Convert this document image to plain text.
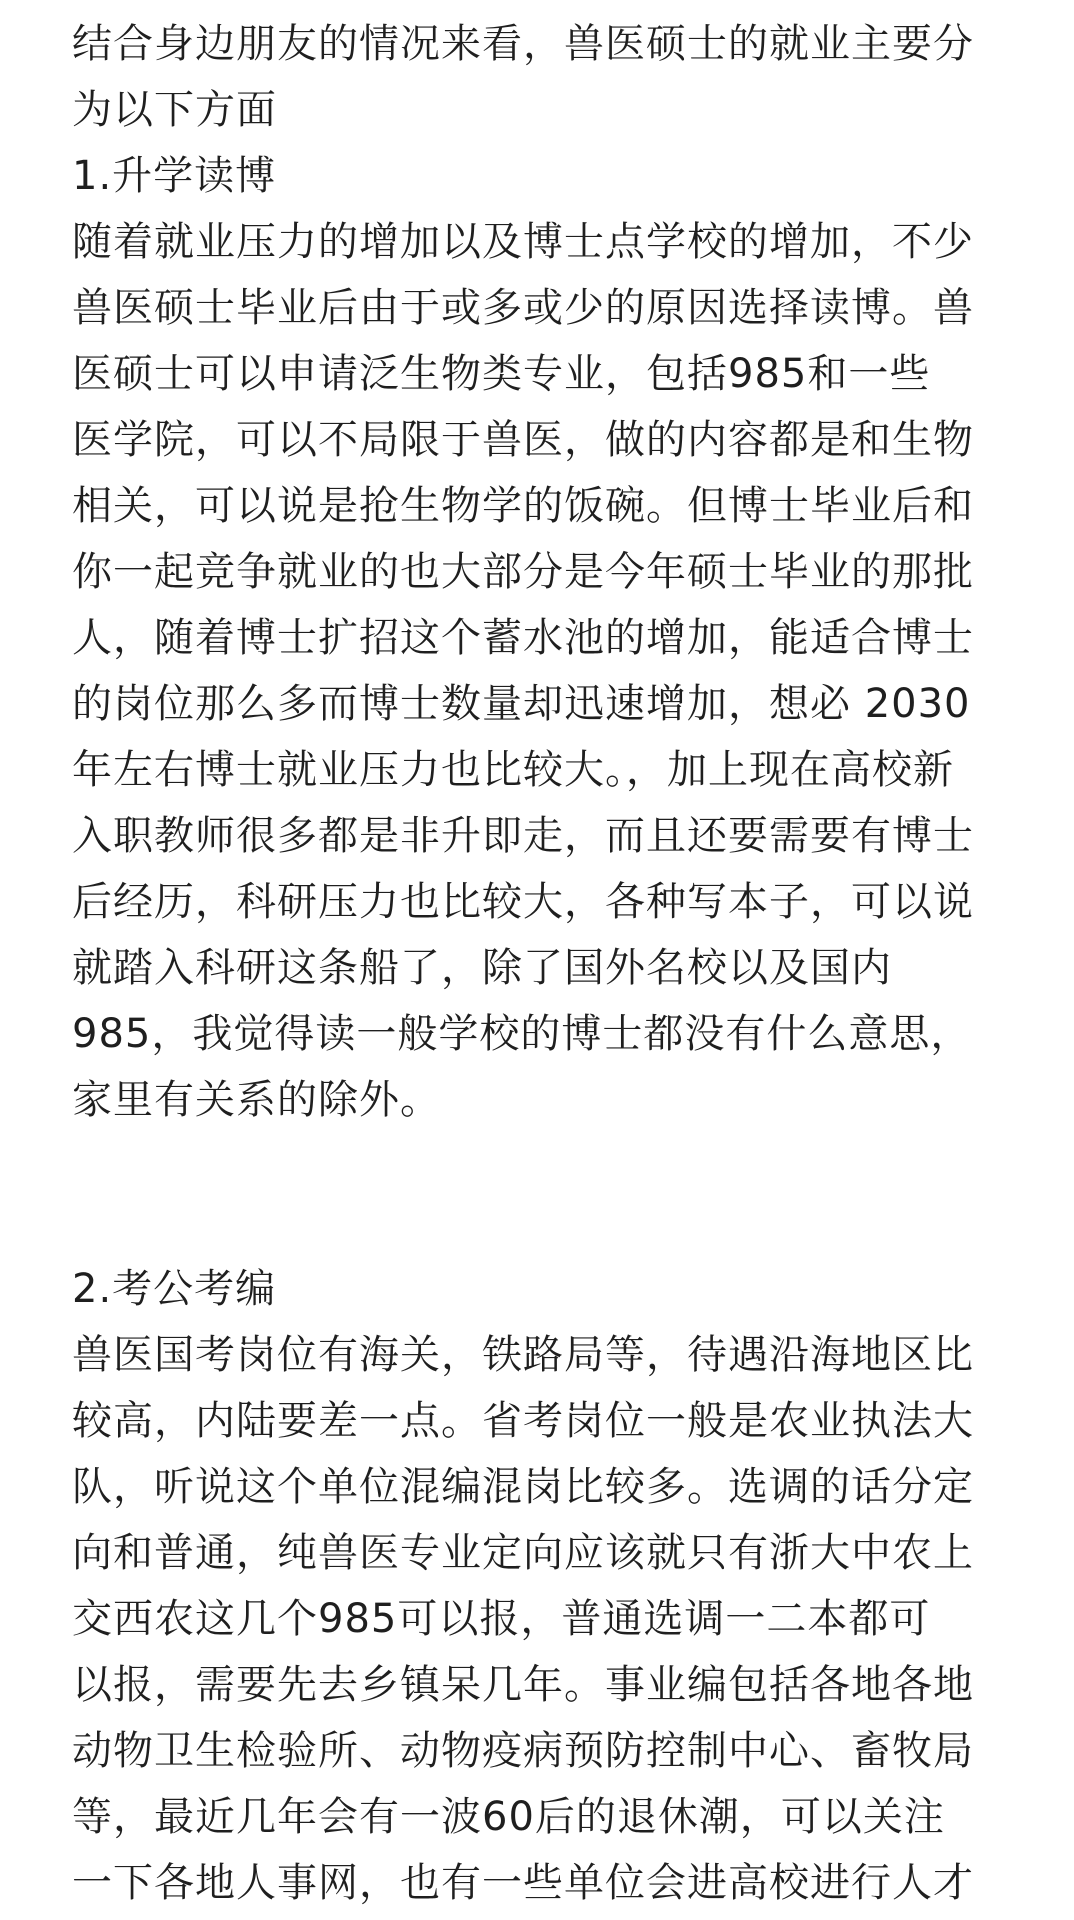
结合身边朋友的情况来看，兽医硕士的就业主要分
为以下方面
1.升学读博
随着就业压力的增加以及博士点学校的增加，不少
兽医硕士毕业后由于或多或少的原因选择读博。兽
医硕士可以申请泛生物类专业，包括985和一些
医学院，可以不局限于兽医，做的内容都是和生物
相关，可以说是抢生物学的饭碗。但博士毕业后和
你一起竞争就业的也大部分是今年硕士毕业的那批
人，随着博士扩招这个蓄水池的增加，能适合博士
的岗位那么多而博士数量却迅速增加，想必 2030
年左右博士就业压力也比较大。，加上现在高校新
入职教师很多都是非升即走，而且还要需要有博士
后经历，科研压力也比较大，各种写本子，可以说
就踏入科研这条船了，除了国外名校以及国内
985，我觉得读一般学校的博士都没有什么意思，
家里有关系的除外。
2.考公考编
兽医国考岗位有海关，铁路局等，待遇沿海地区比
较高，内陆要差一点。省考岗位一般是农业执法大
队，听说这个单位混编混岗比较多。选调的话分定
向和普通，纯兽医专业定向应该就只有浙大中农上
交西农这几个985可以报，普通选调一二本都可
以报，需要先去乡镇呆几年。事业编包括各地各地
动物卫生检验所、动物疫病预防控制中心、畜牧局
等，最近几年会有一波60后的退休潮，可以关注
一下各地人事网，也有一些单位会进高校进行人才
